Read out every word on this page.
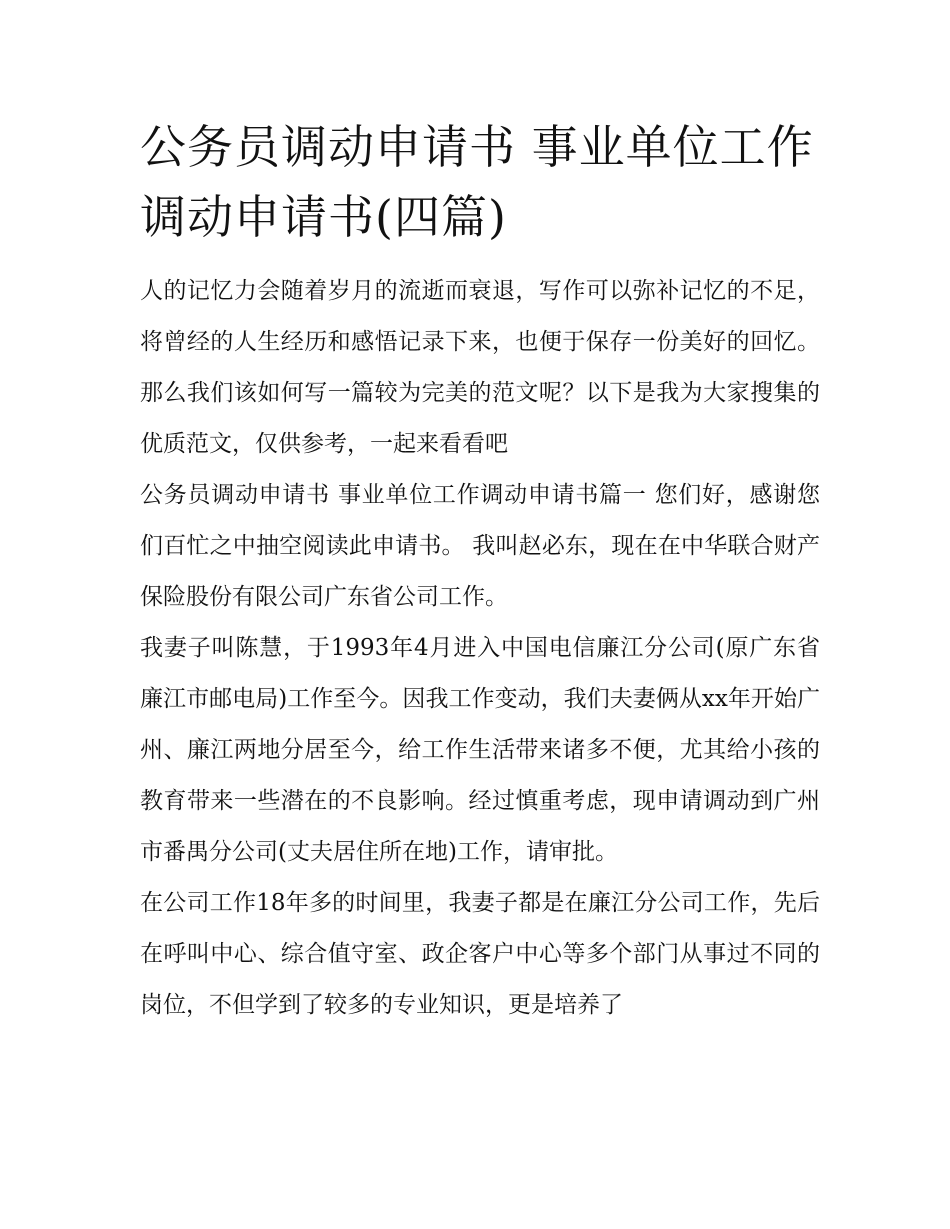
公务员调动申请书 事业单位工作调动申请书(四篇)

人的记忆力会随着岁月的流逝而衰退，写作可以弥补记忆的不足，将曾经的人生经历和感悟记录下来，也便于保存一份美好的回忆。那么我们该如何写一篇较为完美的范文呢？以下是我为大家搜集的优质范文，仅供参考，一起来看看吧

公务员调动申请书 事业单位工作调动申请书篇一 您们好，感谢您们百忙之中抽空阅读此申请书。 我叫赵必东，现在在中华联合财产保险股份有限公司广东省公司工作。

我妻子叫陈慧，于1993年4月进入中国电信廉江分公司(原广东省廉江市邮电局)工作至今。因我工作变动，我们夫妻俩从xx年开始广州、廉江两地分居至今，给工作生活带来诸多不便，尤其给小孩的教育带来一些潜在的不良影响。经过慎重考虑，现申请调动到广州市番禺分公司(丈夫居住所在地)工作，请审批。

在公司工作18年多的时间里，我妻子都是在廉江分公司工作，先后在呼叫中心、综合值守室、政企客户中心等多个部门从事过不同的岗位，不但学到了较多的专业知识，更是培养了
